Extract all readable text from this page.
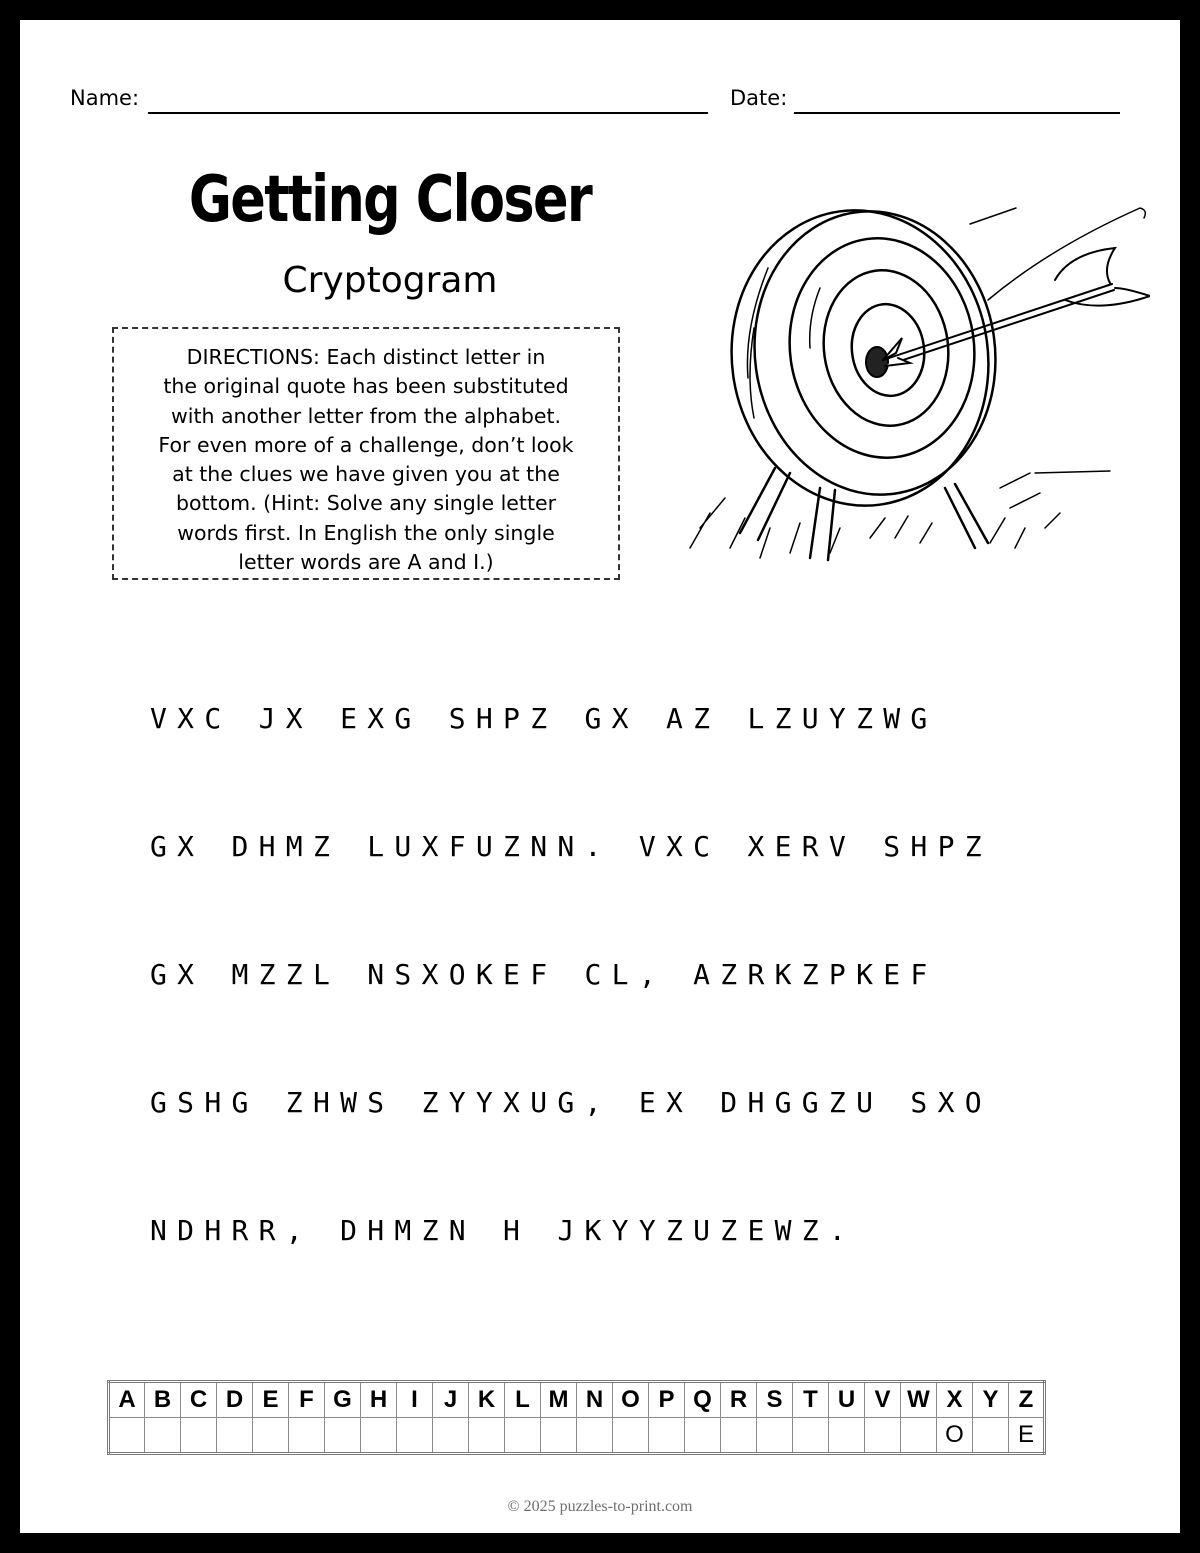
Name:	Date:
Getting Closer
Cryptogram
DIRECTIONS: Each distinct letter in
the original quote has been substituted
with another letter from the alphabet.
For even more of a challenge, don’t look
at the clues we have given you at the
bottom. (Hint: Solve any single letter
words first. In English the only single
letter words are A and I.)
VXC JX EXG SHPZ GX AZ LZUYZWG
GX DHMZ LUXFUZNN. VXC XERV SHPZ
GX MZZL NSXOKEF CL, AZRKZPKEF
GSHG ZHWS ZYYXUG, EX DHGGZU SXO
NDHRR, DHMZN H JKYYZUZEWZ.
A	B	C	D	E	F	G	H	I	J	K	L	M	N	O	P	Q	R	S	T	U	V	W	X	Y	Z
																							O		E
© 2025 puzzles-to-print.com
